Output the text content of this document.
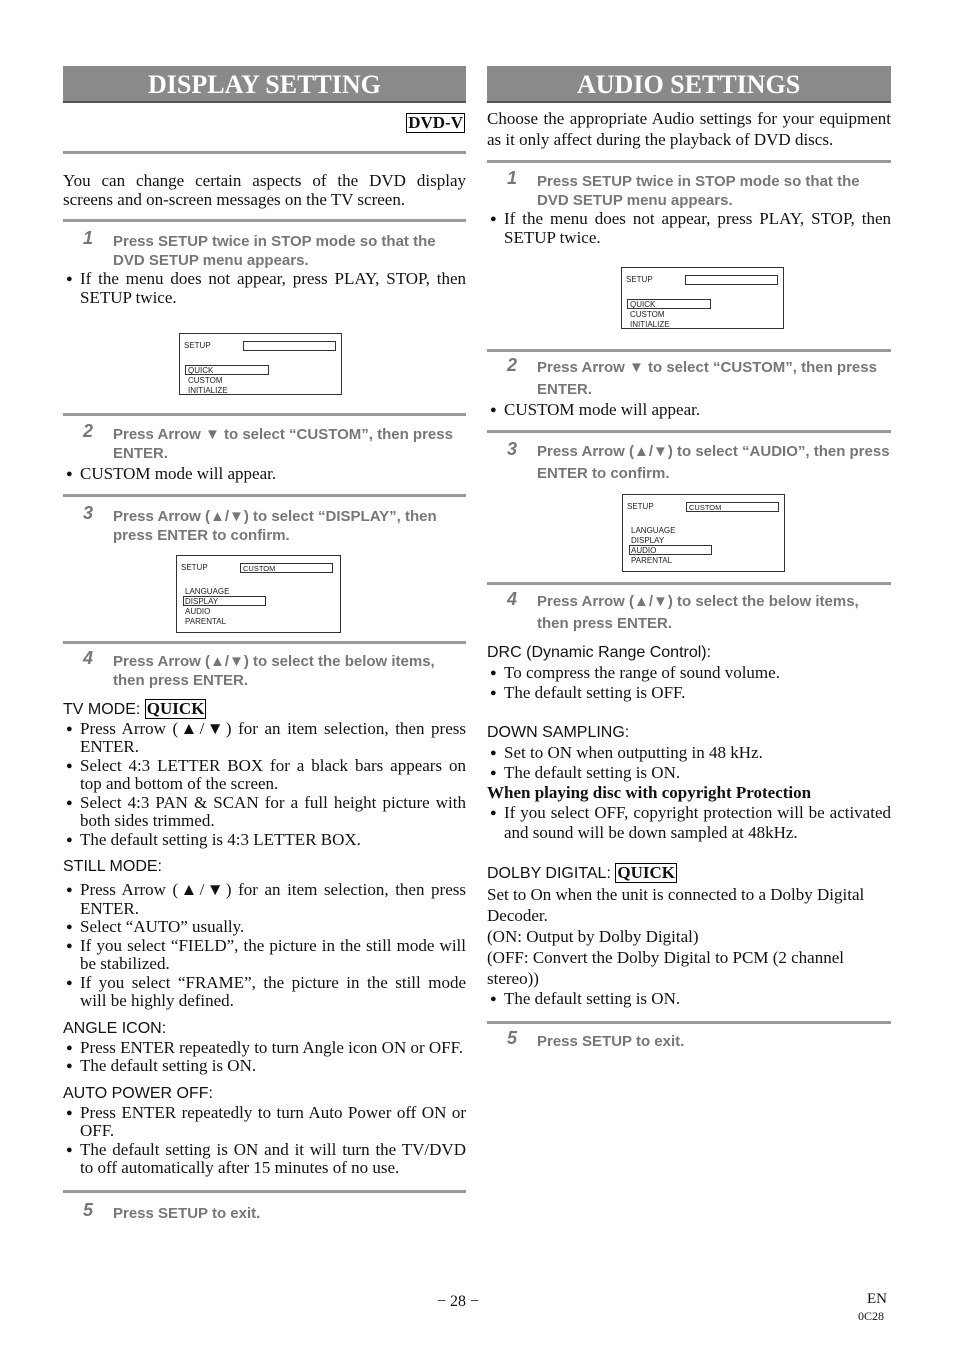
DISPLAY SETTING
DVD-V
You can change certain aspects of the DVD display screens and on-screen messages on the TV screen.
1 Press SETUP twice in STOP mode so that the DVD SETUP menu appears.
● If the menu does not appear, press PLAY, STOP, then SETUP twice.
SETUP
QUICK
CUSTOM
INITIALIZE
2 Press Arrow ▼ to select “CUSTOM”, then press ENTER.
● CUSTOM mode will appear.
3 Press Arrow (▲/▼) to select “DISPLAY”, then press ENTER to confirm.
SETUP	CUSTOM
LANGUAGE
DISPLAY
AUDIO
PARENTAL
4 Press Arrow (▲/▼) to select the below items, then press ENTER.
TV MODE: QUICK
● Press Arrow (▲/▼) for an item selection, then press ENTER.
● Select 4:3 LETTER BOX for a black bars appears on top and bottom of the screen.
● Select 4:3 PAN & SCAN for a full height picture with both sides trimmed.
● The default setting is 4:3 LETTER BOX.
STILL MODE:
● Press Arrow (▲/▼) for an item selection, then press ENTER.
● Select “AUTO” usually.
● If you select “FIELD”, the picture in the still mode will be stabilized.
● If you select “FRAME”, the picture in the still mode will be highly defined.
ANGLE ICON:
● Press ENTER repeatedly to turn Angle icon ON or OFF.
● The default setting is ON.
AUTO POWER OFF:
● Press ENTER repeatedly to turn Auto Power off ON or OFF.
● The default setting is ON and it will turn the TV/DVD to off automatically after 15 minutes of no use.
5 Press SETUP to exit.
AUDIO SETTINGS
Choose the appropriate Audio settings for your equipment as it only affect during the playback of DVD discs.
1 Press SETUP twice in STOP mode so that the DVD SETUP menu appears.
● If the menu does not appear, press PLAY, STOP, then SETUP twice.
SETUP
QUICK
CUSTOM
INITIALIZE
2 Press Arrow ▼ to select “CUSTOM”, then press ENTER.
● CUSTOM mode will appear.
3 Press Arrow (▲/▼) to select “AUDIO”, then press ENTER to confirm.
SETUP	CUSTOM
LANGUAGE
DISPLAY
AUDIO
PARENTAL
4 Press Arrow (▲/▼) to select the below items, then press ENTER.
DRC (Dynamic Range Control):
● To compress the range of sound volume.
● The default setting is OFF.
DOWN SAMPLING:
● Set to ON when outputting in 48 kHz.
● The default setting is ON.
When playing disc with copyright Protection
● If you select OFF, copyright protection will be activated and sound will be down sampled at 48kHz.
DOLBY DIGITAL: QUICK
Set to On when the unit is connected to a Dolby Digital Decoder.
(ON: Output by Dolby Digital)
(OFF: Convert the Dolby Digital to PCM (2 channel stereo))
● The default setting is ON.
5 Press SETUP to exit.
− 28 −	EN
0C28
